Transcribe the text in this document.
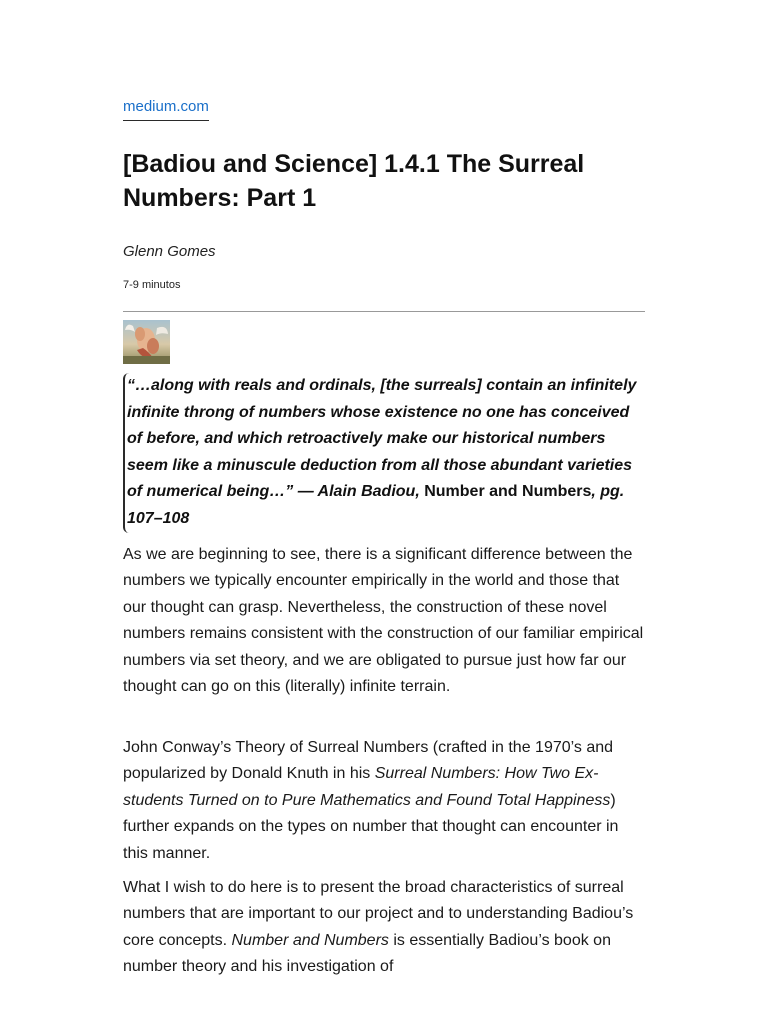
medium.com
[Badiou and Science] 1.4.1 The Surreal Numbers: Part 1
Glenn Gomes
7-9 minutos
“…along with reals and ordinals, [the surreals] contain an infinitely infinite throng of numbers whose existence no one has conceived of before, and which retroactively make our historical numbers seem like a minuscule deduction from all those abundant varieties of numerical being…” — Alain Badiou, Number and Numbers, pg. 107–108

As we are beginning to see, there is a significant difference between the numbers we typically encounter empirically in the world and those that our thought can grasp. Nevertheless, the construction of these novel numbers remains consistent with the construction of our familiar empirical numbers via set theory, and we are obligated to pursue just how far our thought can go on this (literally) infinite terrain.

John Conway’s Theory of Surreal Numbers (crafted in the 1970’s and popularized by Donald Knuth in his Surreal Numbers: How Two Ex-students Turned on to Pure Mathematics and Found Total Happiness) further expands on the types on number that thought can encounter in this manner.

What I wish to do here is to present the broad characteristics of surreal numbers that are important to our project and to understanding Badiou’s core concepts. Number and Numbers is essentially Badiou’s book on number theory and his investigation of
